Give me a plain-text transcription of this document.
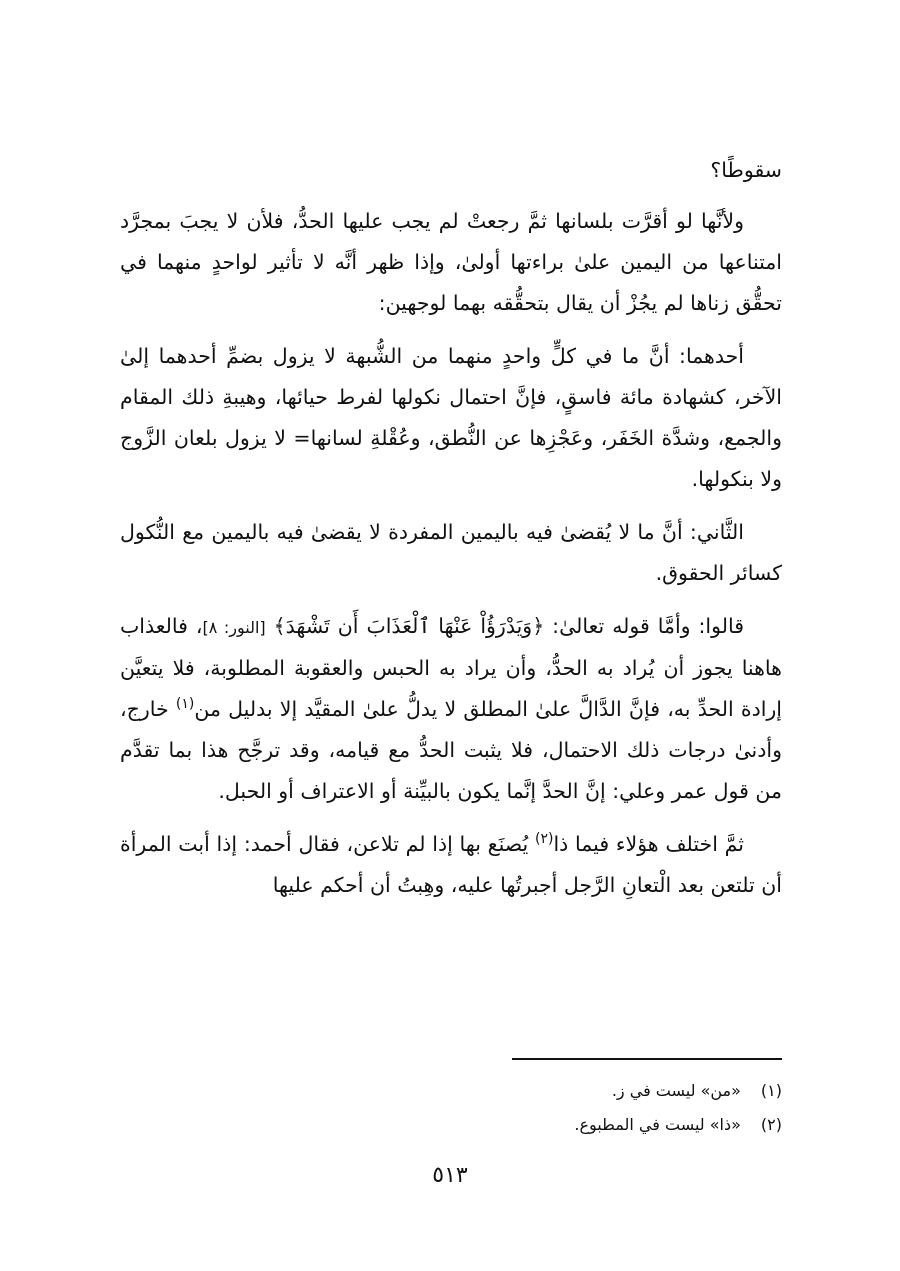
سقوطًا؟

ولأنَّها لو أقرَّت بلسانها ثمَّ رجعتْ لم يجب عليها الحدُّ، فلأن لا يجبَ بمجرَّد امتناعها من اليمين علىٰ براءتها أولىٰ، وإذا ظهر أنَّه لا تأثير لواحدٍ منهما في تحقُّق زناها لم يجُزْ أن يقال بتحقُّقه بهما لوجهين:

أحدهما: أنَّ ما في كلٍّ واحدٍ منهما من الشُّبهة لا يزول بضمِّ أحدهما إلىٰ الآخر، كشهادة مائة فاسقٍ، فإنَّ احتمال نكولها لفرط حيائها، وهيبةِ ذلك المقام والجمع، وشدَّة الخَفَر، وعَجْزِها عن النُّطق، وعُقْلةِ لسانها= لا يزول بلعان الزَّوج ولا بنكولها.

الثَّاني: أنَّ ما لا يُقضىٰ فيه باليمين المفردة لا يقضىٰ فيه باليمين مع النُّكول كسائر الحقوق.

قالوا: وأمَّا قوله تعالىٰ: ﴿وَيَدْرَؤُاْ عَنْهَا ٱلْعَذَابَ أَن تَشْهَدَ﴾ [النور: ٨]، فالعذاب هاهنا يجوز أن يُراد به الحدُّ، وأن يراد به الحبس والعقوبة المطلوبة، فلا يتعيَّن إرادة الحدِّ به، فإنَّ الدَّالَّ علىٰ المطلق لا يدلُّ علىٰ المقيَّد إلا بدليل من$^{(١)}$ خارج، وأدنىٰ درجات ذلك الاحتمال، فلا يثبت الحدُّ مع قيامه، وقد ترجَّح هذا بما تقدَّم من قول عمر وعلي: إنَّ الحدَّ إنَّما يكون بالبيِّنة أو الاعتراف أو الحبل.

ثمَّ اختلف هؤلاء فيما ذا$^{(٢)}$ يُصنَع بها إذا لم تلاعن، فقال أحمد: إذا أبت المرأة أن تلتعن بعد الْتعانِ الرَّجل أجبرتُها عليه، وهِبتُ أن أحكم عليها

(١) «من» ليست في ز.
(٢) «ذا» ليست في المطبوع.
٥١٣
